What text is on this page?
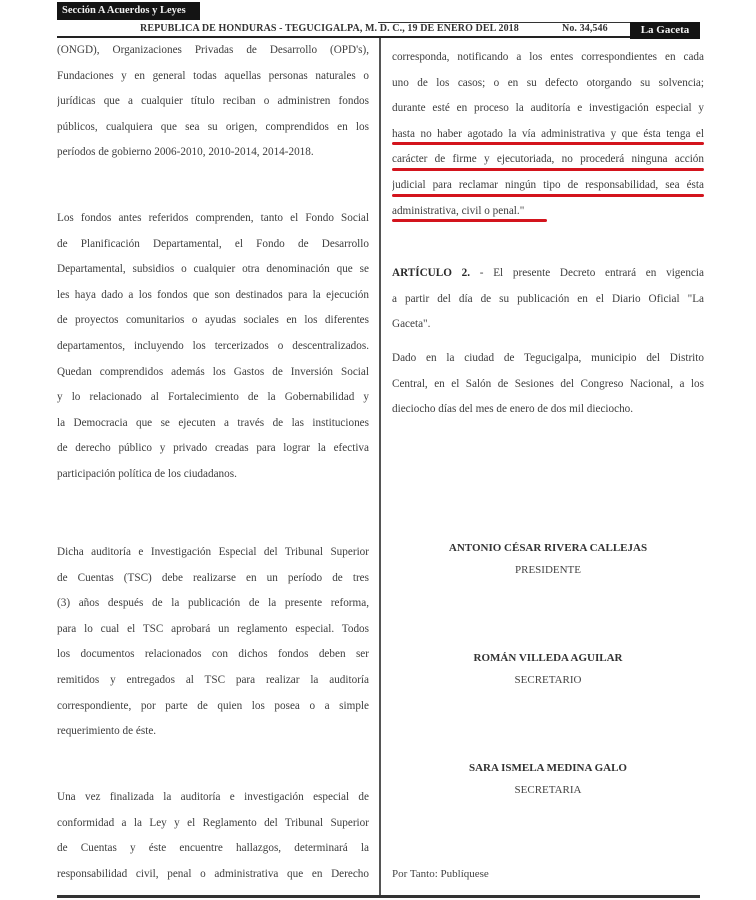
Sección A Acuerdos y Leyes
REPUBLICA DE HONDURAS - TEGUCIGALPA, M. D. C., 19 DE ENERO DEL 2018	No. 34,546	La Gaceta
(ONGD), Organizaciones Privadas de Desarrollo (OPD's),
Fundaciones y en general todas aquellas personas naturales o
jurídicas que a cualquier título reciban o administren fondos
públicos, cualquiera que sea su origen, comprendidos en los
períodos de gobierno 2006-2010, 2010-2014, 2014-2018.
Los fondos antes referidos comprenden, tanto el Fondo Social
de Planificación Departamental, el Fondo de Desarrollo
Departamental, subsidios o cualquier otra denominación que se
les haya dado a los fondos que son destinados para la ejecución
de proyectos comunitarios o ayudas sociales en los diferentes
departamentos, incluyendo los tercerizados o descentralizados.
Quedan comprendidos además los Gastos de Inversión Social
y lo relacionado al Fortalecimiento de la Gobernabilidad y
la Democracia que se ejecuten a través de las instituciones
de derecho público y privado creadas para lograr la efectiva
participación política de los ciudadanos.
Dicha auditoría e Investigación Especial del Tribunal Superior
de Cuentas (TSC) debe realizarse en un período de tres
(3) años después de la publicación de la presente reforma,
para lo cual el TSC aprobará un reglamento especial. Todos
los documentos relacionados con dichos fondos deben ser
remitidos y entregados al TSC para realizar la auditoría
correspondiente, por parte de quien los posea o a simple
requerimiento de éste.
Una vez finalizada la auditoría e investigación especial de
conformidad a la Ley y el Reglamento del Tribunal Superior
de Cuentas y éste encuentre hallazgos, determinará la
responsabilidad civil, penal o administrativa que en Derecho
corresponda, notificando a los entes correspondientes en cada
uno de los casos; o en su defecto otorgando su solvencia;
durante esté en proceso la auditoría e investigación especial y
hasta no haber agotado la vía administrativa y que ésta tenga el
carácter de firme y ejecutoriada, no procederá ninguna acción
judicial para reclamar ningún tipo de responsabilidad, sea ésta
administrativa, civil o penal."
ARTÍCULO 2. - El presente Decreto entrará en vigencia
a partir del día de su publicación en el Diario Oficial "La
Gaceta".
Dado en la ciudad de Tegucigalpa, municipio del Distrito
Central, en el Salón de Sesiones del Congreso Nacional, a los
dieciocho días del mes de enero de dos mil dieciocho.
ANTONIO CÉSAR RIVERA CALLEJAS
PRESIDENTE
ROMÁN VILLEDA AGUILAR
SECRETARIO
SARA ISMELA MEDINA GALO
SECRETARIA
Por Tanto: Publíquese
